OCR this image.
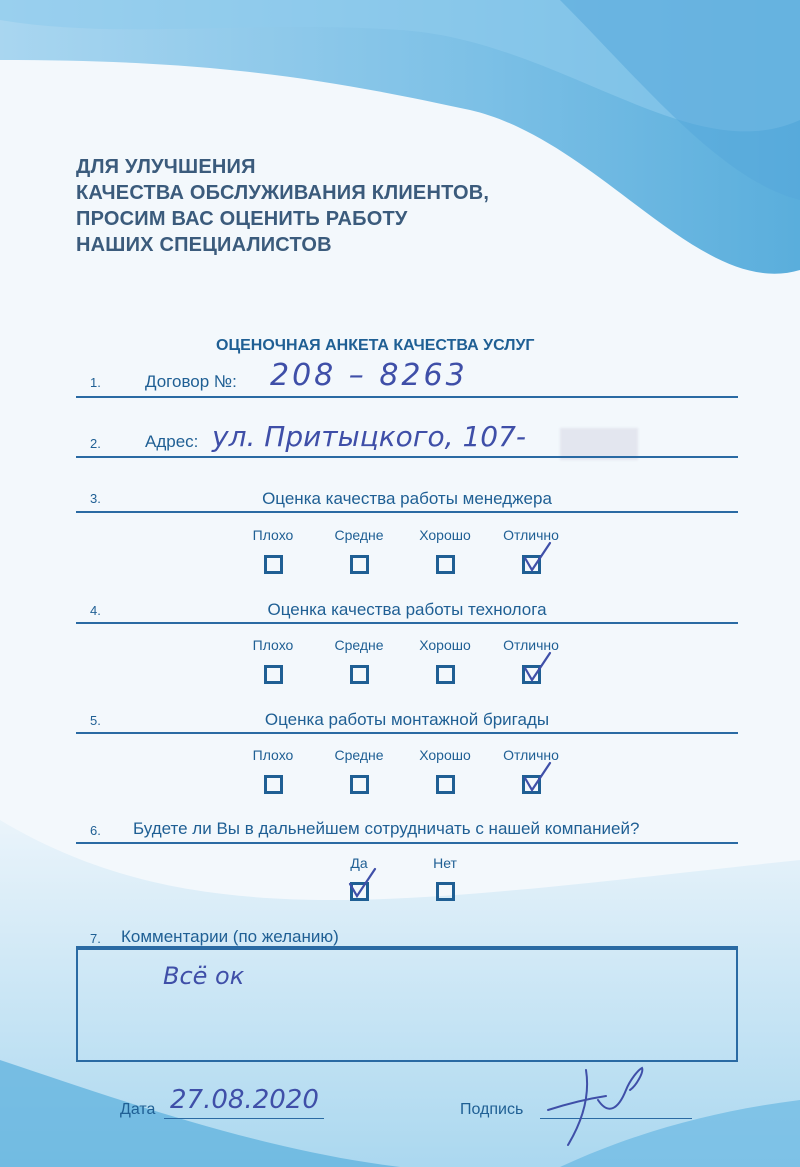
ДЛЯ УЛУЧШЕНИЯ
КАЧЕСТВА ОБСЛУЖИВАНИЯ КЛИЕНТОВ,
ПРОСИМ ВАС ОЦЕНИТЬ РАБОТУ
НАШИХ СПЕЦИАЛИСТОВ
ОЦЕНОЧНАЯ АНКЕТА КАЧЕСТВА УСЛУГ
1.	Договор №: 208 – 8263
2.	Адрес: ул. Притыцкого, 107-
3.	Оценка качества работы менеджера
Плохо	Средне	Хорошо Отлично
4.	Оценка качества работы технолога
Плохо	Средне	Хорошо Отлично
5.	Оценка работы монтажной бригады
Плохо	Средне	Хорошо Отлично
6. Будете ли Вы в дальнейшем сотрудничать с нашей компанией?
Да	Нет
7. Комментарии (по желанию)
Всё ок
Дата 27.08.2020	Подпись
